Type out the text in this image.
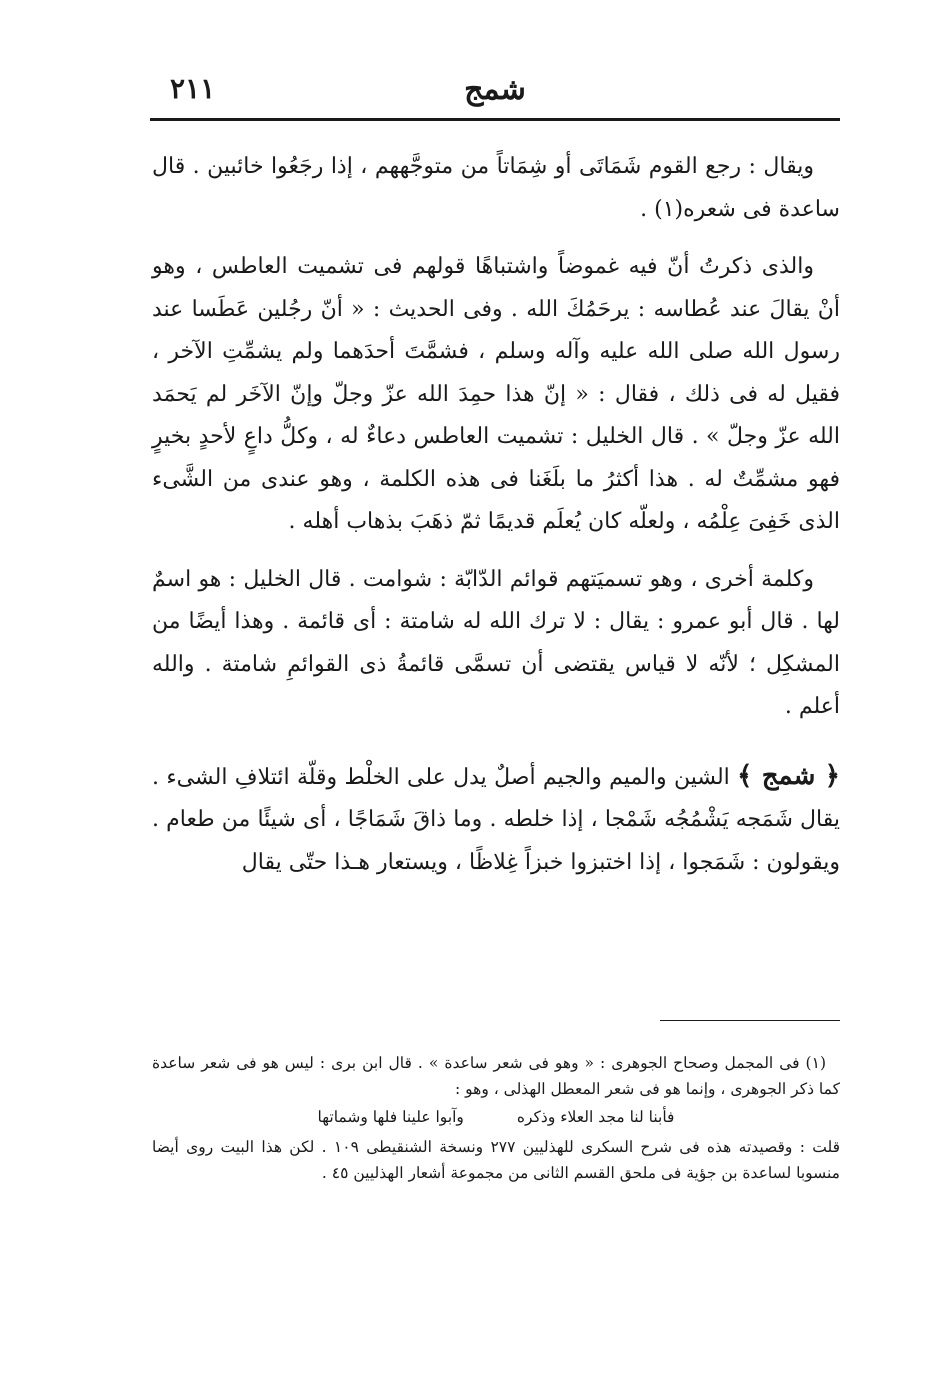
شمج
٢١١

ويقال : رجع القوم شَمَاتَى أو شِمَاتاً من متوجَّههم ، إذا رجَعُوا خائبين . قال ساعدة فى شعره(١) .

والذى ذكرتُ أنّ فيه غموضاً واشتباهًا قولهم فى تشميت العاطس ، وهو أنْ يقالَ عند عُطاسه : يرحَمُكَ الله . وفى الحديث : « أنّ رجُلين عَطَسا عند رسول الله صلى الله عليه وآله وسلم ، فشمَّتَ أحدَهما ولم يشمِّتِ الآخر ، فقيل له فى ذلك ، فقال : « إنّ هذا حمِدَ الله عزّ وجلّ وإنّ الآخَر لم يَحمَد الله عزّ وجلّ » . قال الخليل : تشميت العاطس دعاءٌ له ، وكلُّ داعٍ لأحدٍ بخيرٍ فهو مشمِّتٌ له . هذا أكثرُ ما بلَغَنا فى هذه الكلمة ، وهو عندى من الشَّىء الذى خَفِىَ عِلْمُه ، ولعلّه كان يُعلَم قديمًا ثمّ ذهَبَ بذهاب أهله .

وكلمة أخرى ، وهو تسميَتهم قوائم الدّابّة : شوامت . قال الخليل : هو اسمٌ لها . قال أبو عمرو : يقال : لا ترك الله له شامتة : أى قائمة . وهذا أيضًا من المشكِل ؛ لأنّه لا قياس يقتضى أن تسمَّى قائمةُ ذى القوائمِ شامتة . والله أعلم .

﴿ شمج ﴾ الشين والميم والجيم أصلٌ يدل على الخلْط وقلّة ائتلافِ الشىء . يقال شَمَجه يَشْمُجُه شَمْجا ، إذا خلطه . وما ذاقَ شَمَاجًا ، أى شيئًا من طعام . ويقولون : شَمَجوا ، إذا اختبزوا خبزاً غِلاظًا ، ويستعار هـذا حتّى يقال

(١) فى المجمل وصحاح الجوهرى : « وهو فى شعر ساعدة » . قال ابن برى : ليس هو فى شعر ساعدة كما ذكر الجوهرى ، وإنما هو فى شعر المعطل الهذلى ، وهو :

فأبنا لنا مجد العلاء وذكره وآبوا علينا فلها وشماتها

قلت : وقصيدته هذه فى شرح السكرى للهذليين ٢٧٧ ونسخة الشنقيطى ١٠٩ . لكن هذا البيت روى أيضا منسوبا لساعدة بن جؤية فى ملحق القسم الثانى من مجموعة أشعار الهذليين ٤٥ .
